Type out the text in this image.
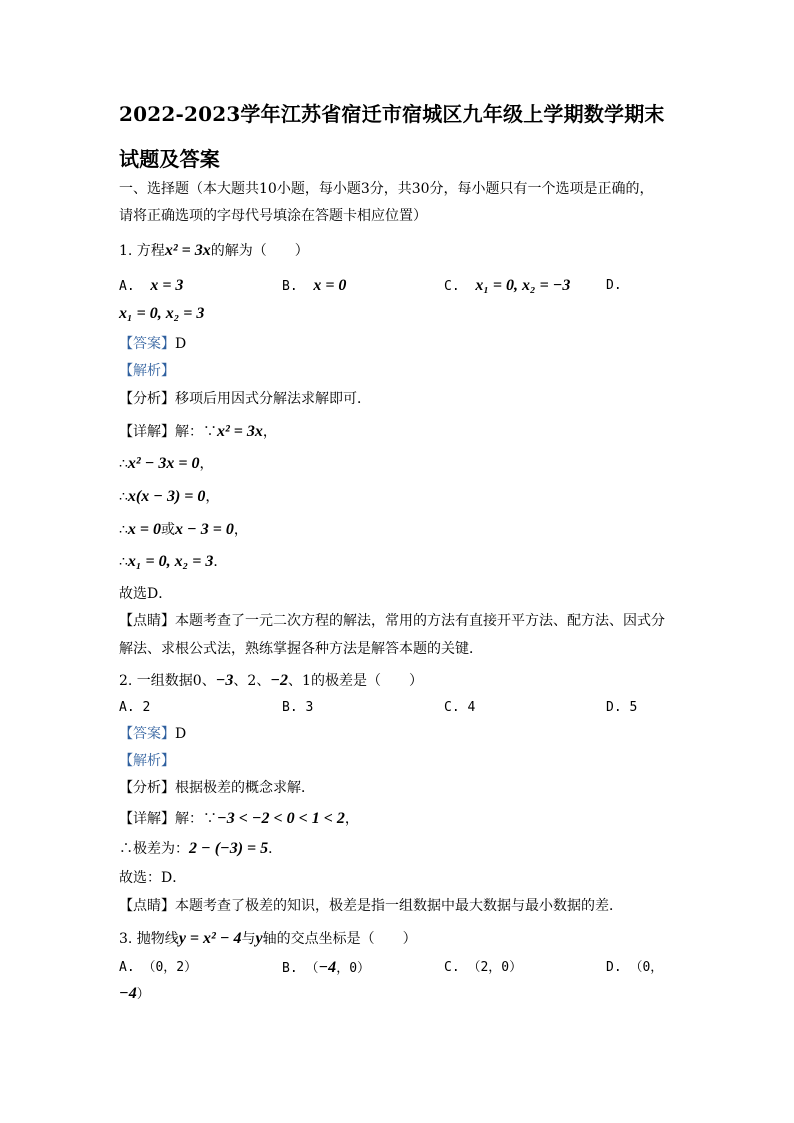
2022-2023学年江苏省宿迁市宿城区九年级上学期数学期末
试题及答案
一、选择题（本大题共10小题，每小题3分，共30分，每小题只有一个选项是正确的，
请将正确选项的字母代号填涂在答题卡相应位置）
1. 方程x² = 3x的解为（　　）
A. x = 3	B. x = 0	C. x₁ = 0, x₂ = −3	D.
x₁ = 0, x₂ = 3
【答案】D
【解析】
【分析】移项后用因式分解法求解即可．
【详解】解：∵x² = 3x，
∴x² − 3x = 0，
∴x(x − 3) = 0，
∴x = 0或x − 3 = 0，
∴x₁ = 0, x₂ = 3．
故选D．
【点睛】本题考查了一元二次方程的解法，常用的方法有直接开平方法、配方法、因式分
解法、求根公式法，熟练掌握各种方法是解答本题的关键．
2. 一组数据0、−3、2、−2、1的极差是（　　）
A. 2	B. 3	C. 4	D. 5
【答案】D
【解析】
【分析】根据极差的概念求解．
【详解】解：∵−3 < −2 < 0 < 1 < 2，
∴极差为：2 − (−3) = 5．
故选：D．
【点睛】本题考查了极差的知识，极差是指一组数据中最大数据与最小数据的差．
3. 抛物线y = x² − 4与y轴的交点坐标是（　　）
A. （0，2）	B. （−4，0）	C. （2，0）	D. （0，
−4）
